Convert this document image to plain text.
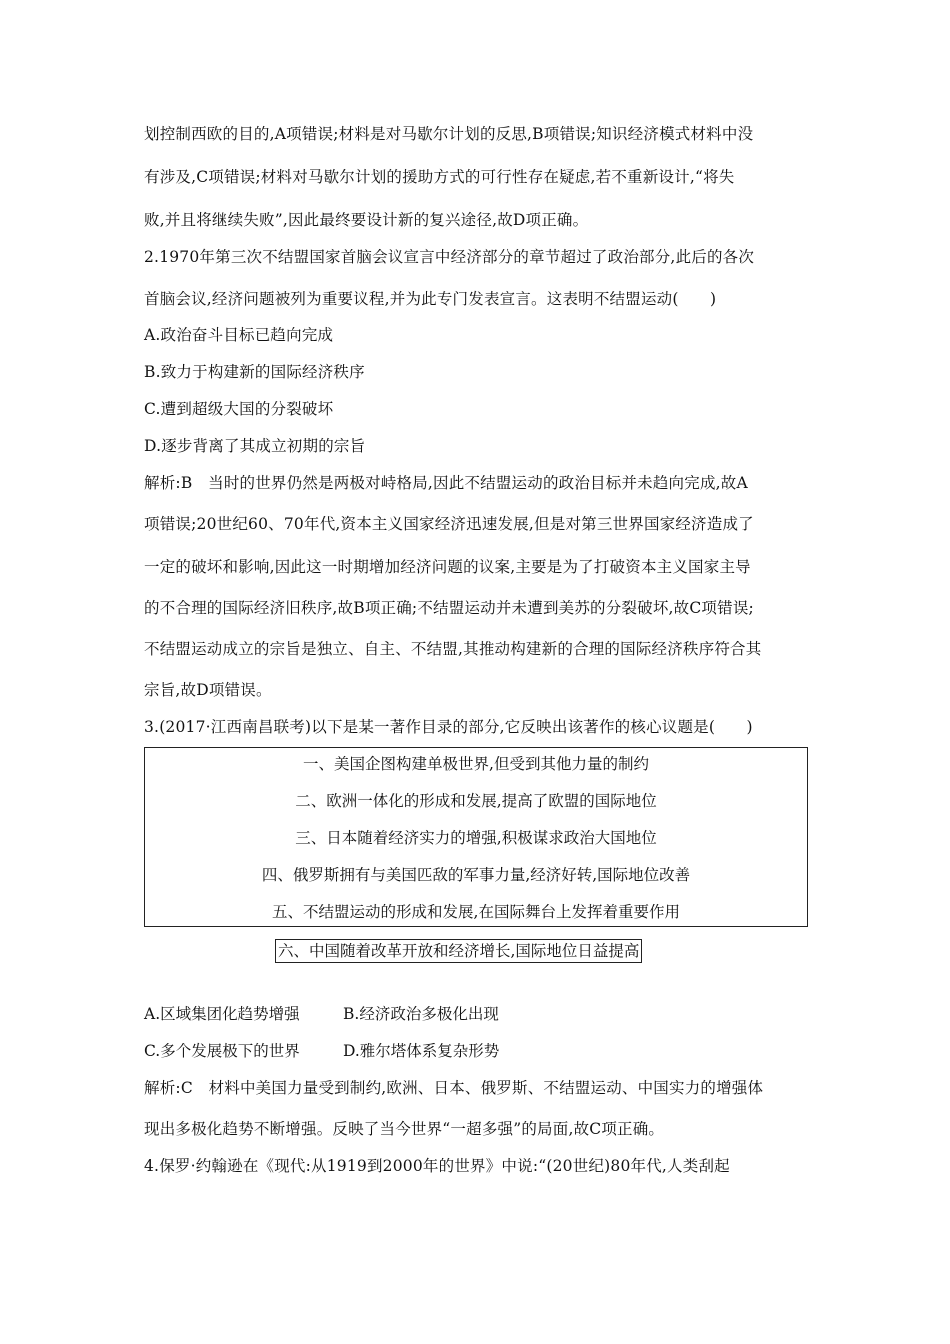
划控制西欧的目的,A项错误;材料是对马歇尔计划的反思,B项错误;知识经济模式材料中没
有涉及,C项错误;材料对马歇尔计划的援助方式的可行性存在疑虑,若不重新设计,“将失
败,并且将继续失败”,因此最终要设计新的复兴途径,故D项正确。
2.1970年第三次不结盟国家首脑会议宣言中经济部分的章节超过了政治部分,此后的各次
首脑会议,经济问题被列为重要议程,并为此专门发表宣言。这表明不结盟运动(　　)
A.政治奋斗目标已趋向完成
B.致力于构建新的国际经济秩序
C.遭到超级大国的分裂破坏
D.逐步背离了其成立初期的宗旨
解析:B　当时的世界仍然是两极对峙格局,因此不结盟运动的政治目标并未趋向完成,故A
项错误;20世纪60、70年代,资本主义国家经济迅速发展,但是对第三世界国家经济造成了
一定的破坏和影响,因此这一时期增加经济问题的议案,主要是为了打破资本主义国家主导
的不合理的国际经济旧秩序,故B项正确;不结盟运动并未遭到美苏的分裂破坏,故C项错误;
不结盟运动成立的宗旨是独立、自主、不结盟,其推动构建新的合理的国际经济秩序符合其
宗旨,故D项错误。
3.(2017·江西南昌联考)以下是某一著作目录的部分,它反映出该著作的核心议题是(　　)
一、美国企图构建单极世界,但受到其他力量的制约
二、欧洲一体化的形成和发展,提高了欧盟的国际地位
三、日本随着经济实力的增强,积极谋求政治大国地位
四、俄罗斯拥有与美国匹敌的军事力量,经济好转,国际地位改善
五、不结盟运动的形成和发展,在国际舞台上发挥着重要作用
六、中国随着改革开放和经济增长,国际地位日益提高
A.区域集团化趋势增强	B.经济政治多极化出现
C.多个发展极下的世界	D.雅尔塔体系复杂形势
解析:C　材料中美国力量受到制约,欧洲、日本、俄罗斯、不结盟运动、中国实力的增强体
现出多极化趋势不断增强。反映了当今世界“一超多强”的局面,故C项正确。
4.保罗·约翰逊在《现代:从1919到2000年的世界》中说:“(20世纪)80年代,人类刮起
